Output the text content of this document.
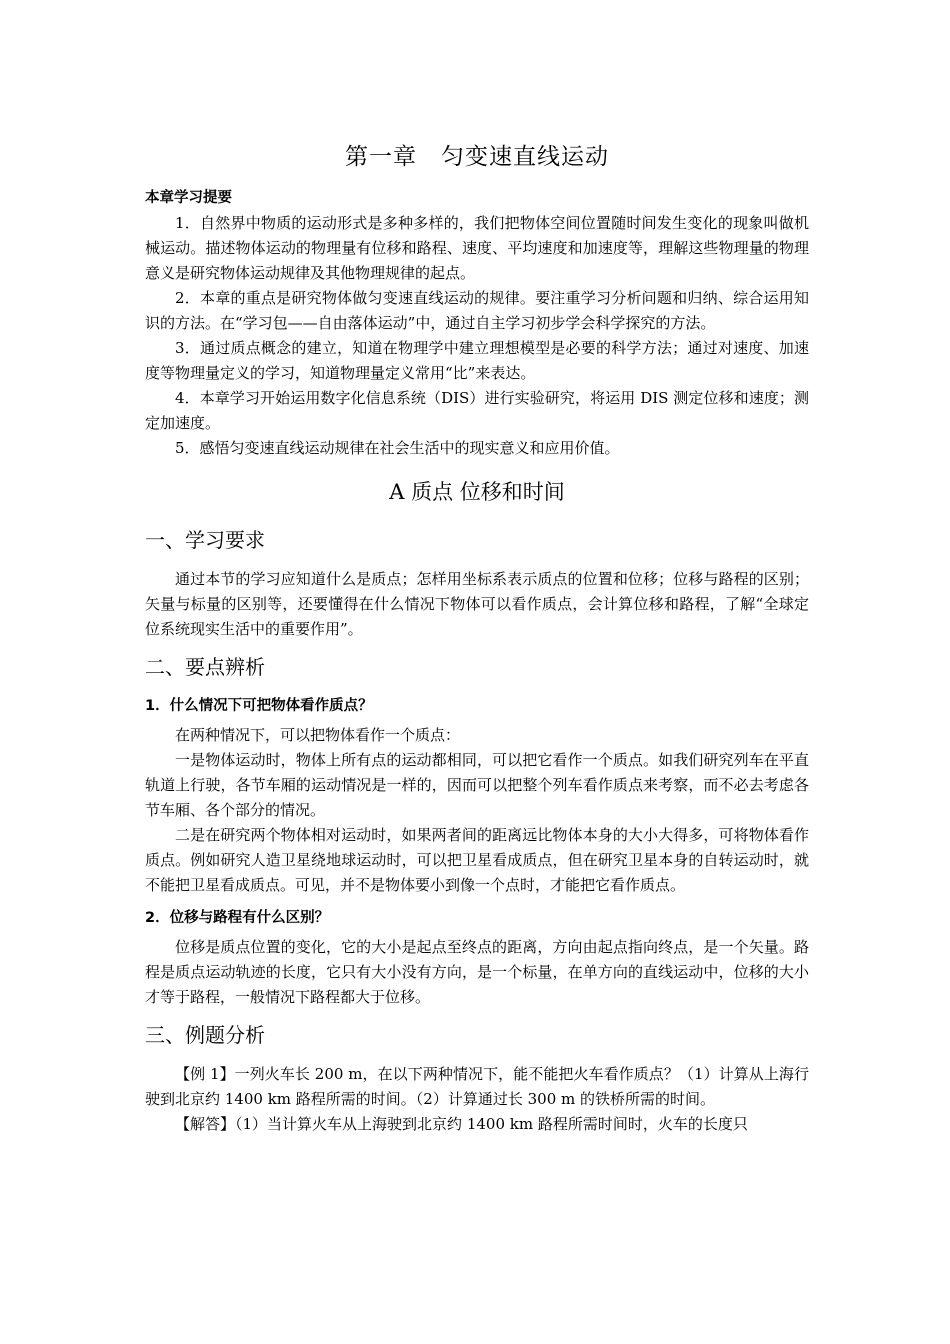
第一章　匀变速直线运动
本章学习提要

1．自然界中物质的运动形式是多种多样的，我们把物体空间位置随时间发生变化的现象叫做机械运动。描述物体运动的物理量有位移和路程、速度、平均速度和加速度等，理解这些物理量的物理意义是研究物体运动规律及其他物理规律的起点。

2．本章的重点是研究物体做匀变速直线运动的规律。要注重学习分析问题和归纳、综合运用知识的方法。在“学习包——自由落体运动”中，通过自主学习初步学会科学探究的方法。

3．通过质点概念的建立，知道在物理学中建立理想模型是必要的科学方法；通过对速度、加速度等物理量定义的学习，知道物理量定义常用“比”来表达。

4．本章学习开始运用数字化信息系统（DIS）进行实验研究，将运用 DIS 测定位移和速度；测定加速度。

5．感悟匀变速直线运动规律在社会生活中的现实意义和应用价值。

A 质点 位移和时间
一、学习要求

通过本节的学习应知道什么是质点；怎样用坐标系表示质点的位置和位移；位移与路程的区别；矢量与标量的区别等，还要懂得在什么情况下物体可以看作质点，会计算位移和路程，了解“全球定位系统现实生活中的重要作用”。

二、要点辨析
1．什么情况下可把物体看作质点？

在两种情况下，可以把物体看作一个质点：

一是物体运动时，物体上所有点的运动都相同，可以把它看作一个质点。如我们研究列车在平直轨道上行驶，各节车厢的运动情况是一样的，因而可以把整个列车看作质点来考察，而不必去考虑各节车厢、各个部分的情况。

二是在研究两个物体相对运动时，如果两者间的距离远比物体本身的大小大得多，可将物体看作质点。例如研究人造卫星绕地球运动时，可以把卫星看成质点，但在研究卫星本身的自转运动时，就不能把卫星看成质点。可见，并不是物体要小到像一个点时，才能把它看作质点。

2．位移与路程有什么区别？

位移是质点位置的变化，它的大小是起点至终点的距离，方向由起点指向终点，是一个矢量。路程是质点运动轨迹的长度，它只有大小没有方向，是一个标量，在单方向的直线运动中，位移的大小才等于路程，一般情况下路程都大于位移。

三、例题分析

【例 1】一列火车长 200 m，在以下两种情况下，能不能把火车看作质点？（1）计算从上海行驶到北京约 1400 km 路程所需的时间。（2）计算通过长 300 m 的铁桥所需的时间。

【解答】（1）当计算火车从上海驶到北京约 1400 km 路程所需时间时，火车的长度只
